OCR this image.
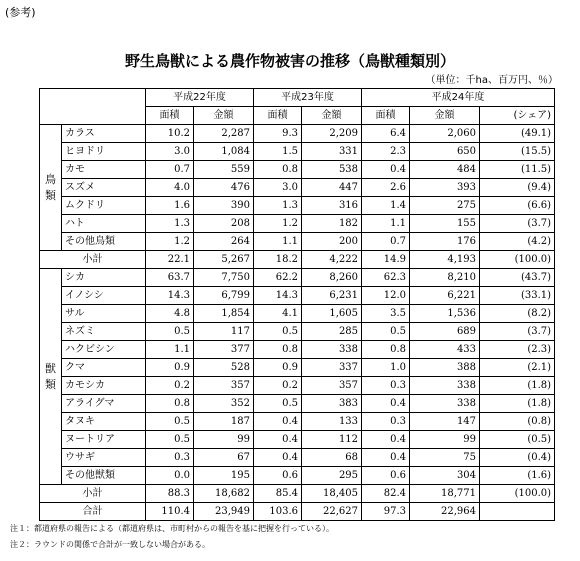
(参考)
野生鳥獣による農作物被害の推移（鳥獣種類別）
（単位：千ha、百万円、％）
		平成22年度		平成23年度		平成24年度		
		面積	金額	面積	金額	面積	金額	(シェア)
鳥
類	カラス	10.2	2,287	9.3	2,209	6.4	2,060	(49.1)
	ヒヨドリ	3.0	1,084	1.5	331	2.3	650	(15.5)
	カモ	0.7	559	0.8	538	0.4	484	(11.5)
	スズメ	4.0	476	3.0	447	2.6	393	(9.4)
	ムクドリ	1.6	390	1.3	316	1.4	275	(6.6)
	ハト	1.3	208	1.2	182	1.1	155	(3.7)
	その他鳥類	1.2	264	1.1	200	0.7	176	(4.2)
小計		22.1	5,267	18.2	4,222	14.9	4,193	(100.0)
獣
類	シカ	63.7	7,750	62.2	8,260	62.3	8,210	(43.7)
	イノシシ	14.3	6,799	14.3	6,231	12.0	6,221	(33.1)
	サル	4.8	1,854	4.1	1,605	3.5	1,536	(8.2)
	ネズミ	0.5	117	0.5	285	0.5	689	(3.7)
	ハクビシン	1.1	377	0.8	338	0.8	433	(2.3)
	クマ	0.9	528	0.9	337	1.0	388	(2.1)
	カモシカ	0.2	357	0.2	357	0.3	338	(1.8)
	アライグマ	0.8	352	0.5	383	0.4	338	(1.8)
	タヌキ	0.5	187	0.4	133	0.3	147	(0.8)
	ヌートリア	0.5	99	0.4	112	0.4	99	(0.5)
	ウサギ	0.3	67	0.4	68	0.4	75	(0.4)
	その他獣類	0.0	195	0.6	295	0.6	304	(1.6)
小計		88.3	18,682	85.4	18,405	82.4	18,771	(100.0)
合計		110.4	23,949	103.6	22,627	97.3	22,964	
注１：都道府県の報告による（都道府県は、市町村からの報告を基に把握を行っている）。
注２：ラウンドの関係で合計が一致しない場合がある。
